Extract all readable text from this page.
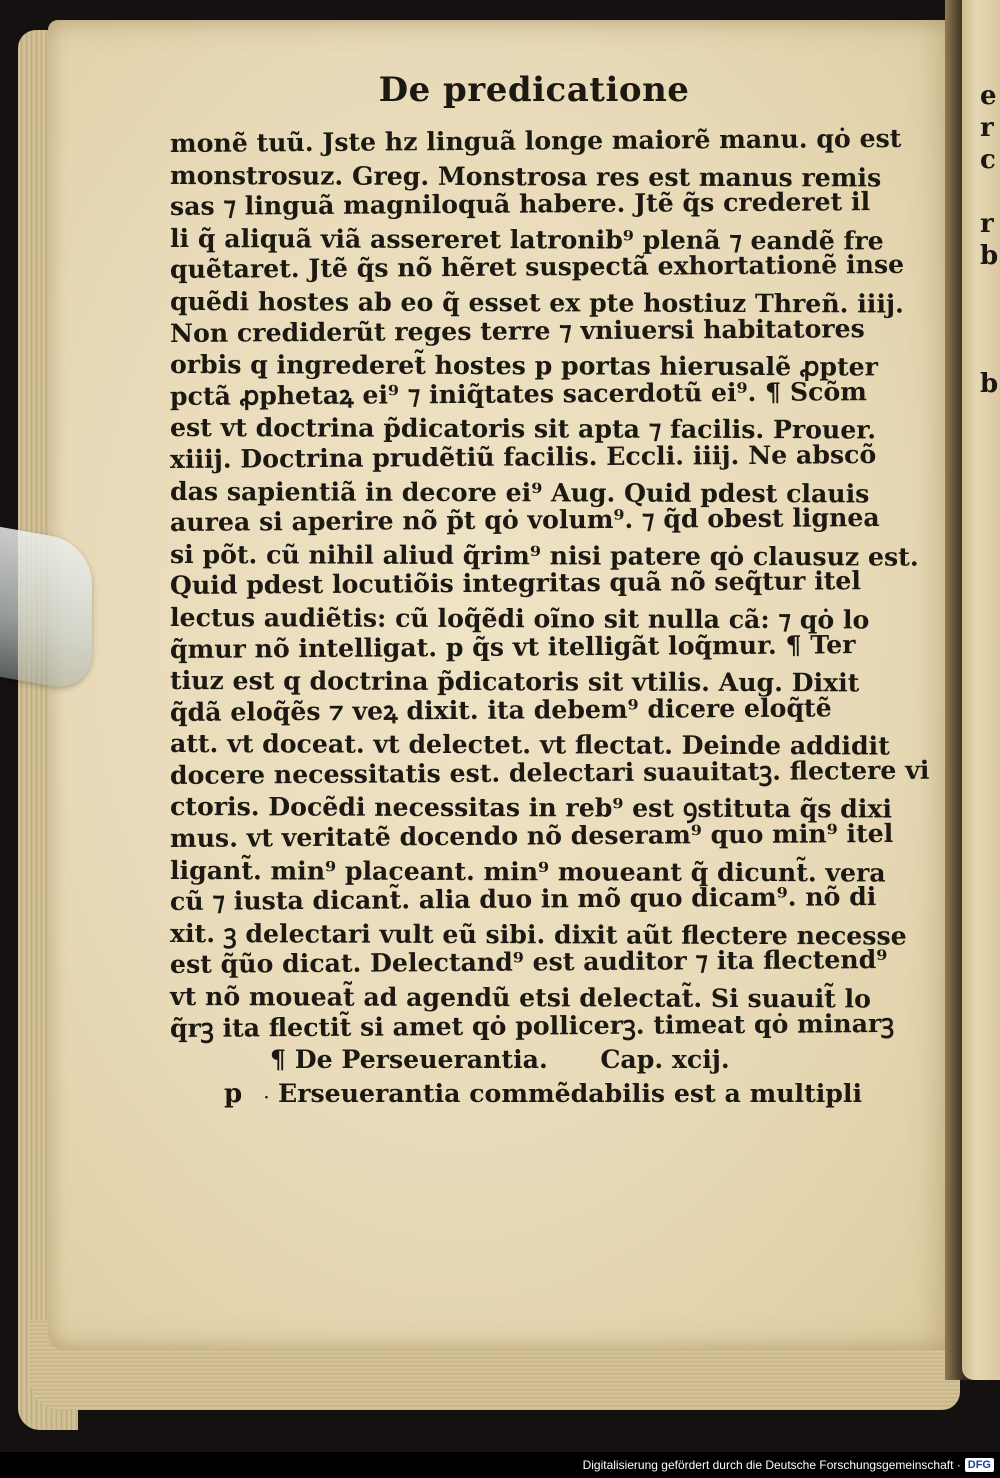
e
r
c

r
b

b
De predicatione
monẽ tuũ. Jste hz linguã longe maiorẽ manu. qȯ est
monstrosuz. Greg. Monstrosa res est manus remis
sas ⁊ linguã magniloquã habere. Jtẽ q̃s crederet il
li q̃ aliquã viã assereret latronib⁹ plenã ⁊ eandẽ fre
quẽtaret. Jtẽ q̃s nõ hẽret suspectã exhortationẽ inse
quẽdi hostes ab eo q̃ esset ex pte hostiuz Threñ. iiij.
Non crediderũt reges terre ⁊ vniuersi habitatores
orbis q̧ ingrederet̃ hostes p portas hierusalẽ ꝓpter
pctã ꝓphetaꝝ ei⁹ ⁊ iniq̃tates sacerdotũ ei⁹. ¶ Scõm
est vt doctrina p̃dicatoris sit apta ⁊ facilis. Prouer.
xiiij. Doctrina prudẽtiũ facilis. Eccli. iiij. Ne abscõ
das sapientiã in decore ei⁹ Aug. Quid pdest clauis
aurea si aperire nõ p̃t qȯ volum⁹. ⁊ q̃d obest lignea
si põt. cũ nihil aliud q̃rim⁹ nisi patere qȯ clausuz est.
Quid pdest locutiõis integritas quã nõ seq̃tur itel
lectus audiẽtis: cũ loq̃ẽdi oĩno sit nulla cã: ⁊ qȯ lo
q̃mur nõ intelligat. p q̃s vt itelligãt loq̃mur. ¶ Ter
tiuz est q̧ doctrina p̃dicatoris sit vtilis. Aug. Dixit
q̃dã eloq̃ẽs ⁊ veꝝ dixit. ita debem⁹ dicere eloq̃tẽ
att. vt doceat. vt delectet. vt flectat. Deinde addidit
docere necessitatis est. delectari suauitatꝫ. flectere vi
ctoris. Docẽdi necessitas in reb⁹ est ꝯstituta q̃s dixi
mus. vt veritatẽ docendo nõ deseram⁹ quo min⁹ itel
ligant̃. min⁹ placeant. min⁹ moueant q̃ dicunt̃. vera
cũ ⁊ iusta dicant̃. alia duo in mõ quo dicam⁹. nõ di
xit. ꝫ delectari vult eũ sibi. dixit aũt flectere necesse
est q̃ũo dicat. Delectand⁹ est auditor ⁊ ita flectend⁹
vt nõ moueat̃ ad agendũ etsi delectat̃. Si suauit̃ lo
q̃rꝫ ita flectit̃ si amet qȯ pollicerꝫ. timeat qȯ minarꝫ
¶ De Perseuerantia.      Cap. xcij.
p	· Erseuerantia commẽdabilis est a multipli
Digitalisierung gefördert durch die Deutsche Forschungsgemeinschaft · DFG
